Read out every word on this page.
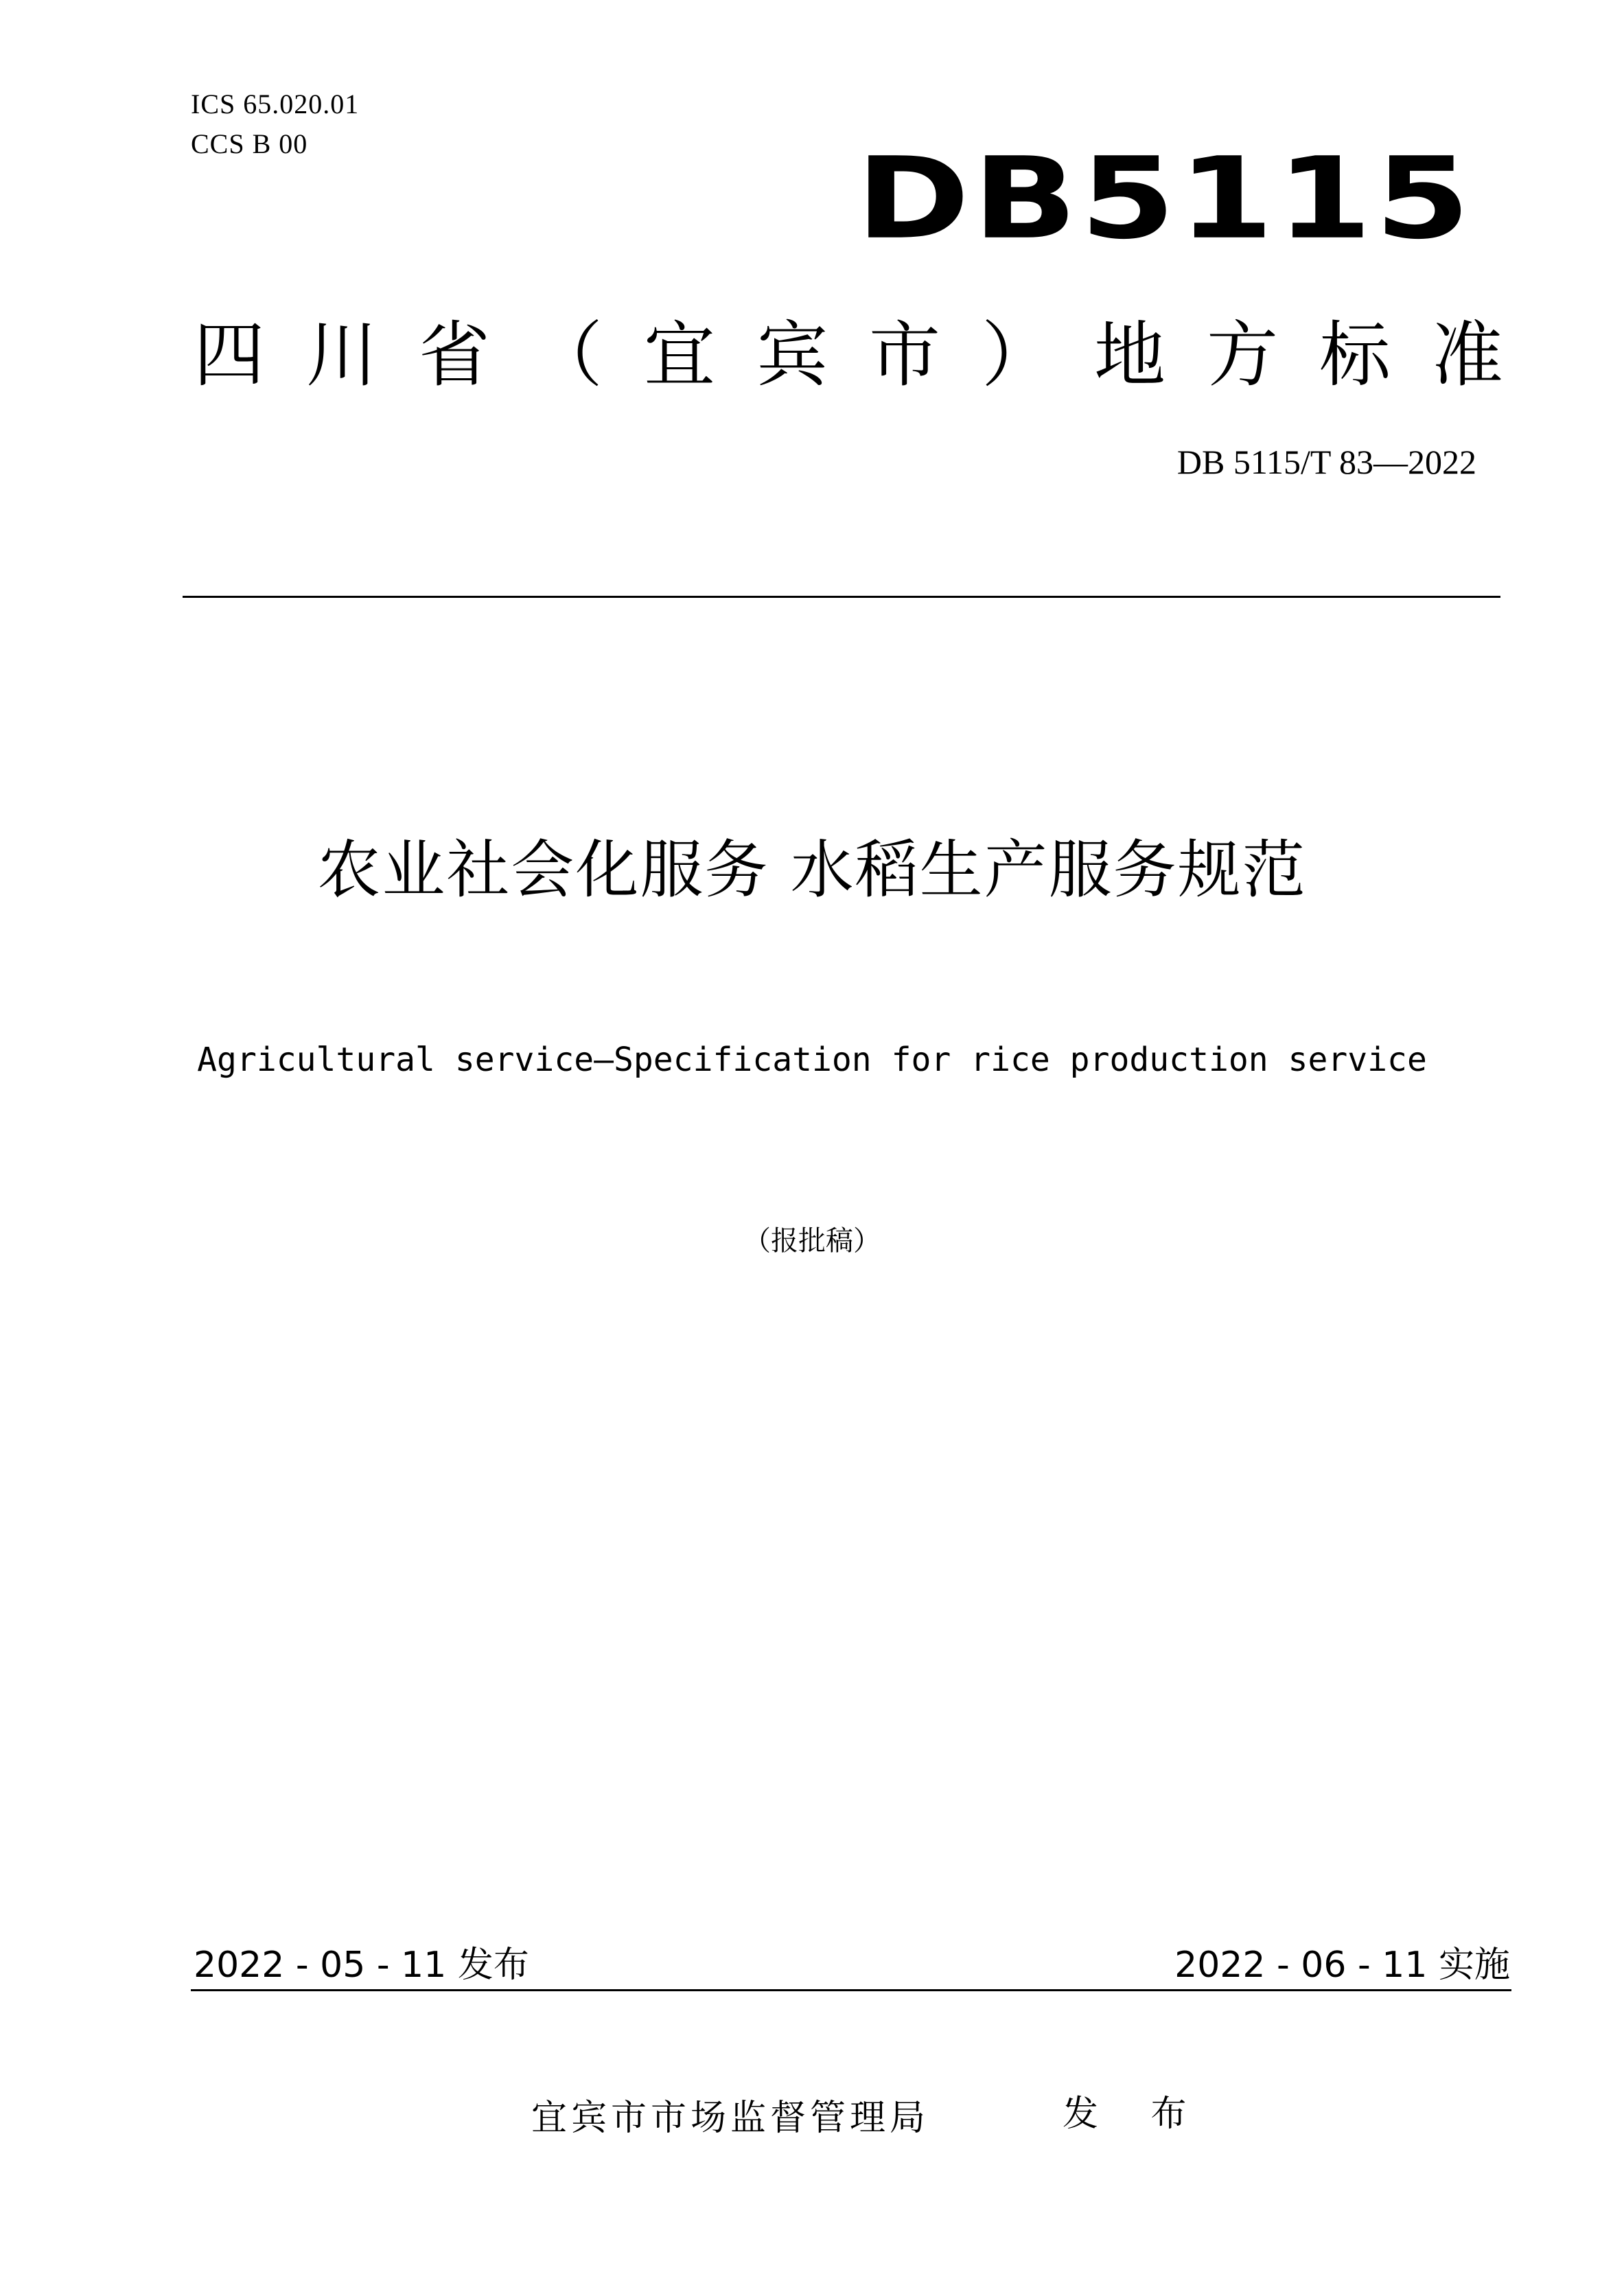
ICS 65.020.01
CCS B 00	DB5115
四川省（宜宾市）地方标准
DB 5115/T 83—2022
农业社会化服务 水稻生产服务规范
Agricultural service—Specification for rice production service
（报批稿）
2022 - 05 - 11 发布	2022 - 06 - 11 实施
宜宾市市场监督管理局	发 布
